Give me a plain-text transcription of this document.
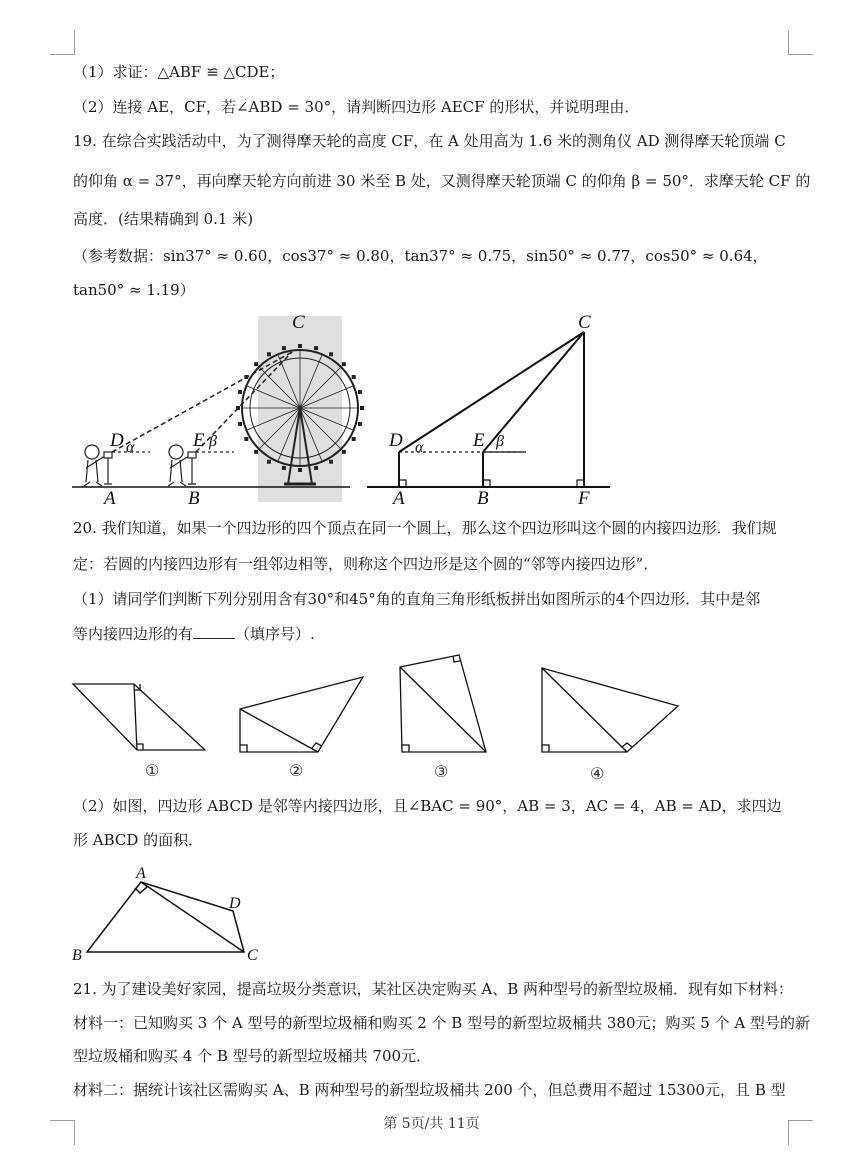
（1）求证：△ABF ≌ △CDE；
（2）连接 AE，CF，若∠ABD = 30°，请判断四边形 AECF 的形状，并说明理由．
19. 在综合实践活动中，为了测得摩天轮的高度 CF，在 A 处用高为 1.6 米的测角仪 AD 测得摩天轮顶端 C
的仰角 α = 37°，再向摩天轮方向前进 30 米至 B 处，又测得摩天轮顶端 C 的仰角 β = 50°．求摩天轮 CF 的
高度．(结果精确到 0.1 米)
（参考数据：sin37° ≈ 0.60，cos37° ≈ 0.80，tan37° ≈ 0.75，sin50° ≈ 0.77，cos50° ≈ 0.64，
tan50° ≈ 1.19）
C
D α	E β
A	B
C
D α	E β
A	B	F
20. 我们知道，如果一个四边形的四个顶点在同一个圆上，那么这个四边形叫这个圆的内接四边形．我们规
定：若圆的内接四边形有一组邻边相等，则称这个四边形是这个圆的“邻等内接四边形”．
（1）请同学们判断下列分别用含有30°和45°角的直角三角形纸板拼出如图所示的4个四边形．其中是邻
等内接四边形的有	（填序号）.
①	②	③	④
（2）如图，四边形 ABCD 是邻等内接四边形，且∠BAC = 90°，AB = 3，AC = 4，AB = AD，求四边
形 ABCD 的面积．
A
B	C
D
21. 为了建设美好家园，提高垃圾分类意识，某社区决定购买 A、B 两种型号的新型垃圾桶．现有如下材料：
材料一：已知购买 3 个 A 型号的新型垃圾桶和购买 2 个 B 型号的新型垃圾桶共 380元；购买 5 个 A 型号的新
型垃圾桶和购买 4 个 B 型号的新型垃圾桶共 700元．
材料二：据统计该社区需购买 A、B 两种型号的新型垃圾桶共 200 个，但总费用不超过 15300元，且 B 型
第 5页/共 11页
